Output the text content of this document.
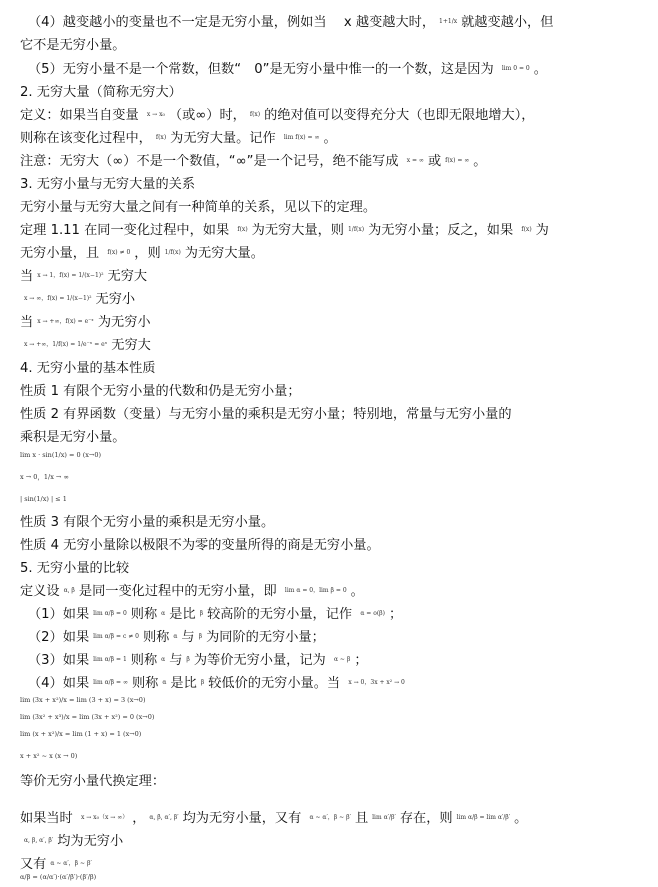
（4）越变越小的变量也不一定是无穷小量，例如当 　x 越变越大时， 1+1/x 就越变越小，但
它不是无穷小量。
（5）无穷小量不是一个常数，但数“　0”是无穷小量中惟一的一个数，这是因为 lim 0 = 0 。
2. 无穷大量（简称无穷大）
定义：如果当自变量 x → x₀ （或∞）时， f(x) 的绝对值可以变得充分大（也即无限地增大），
则称在该变化过程中， f(x) 为无穷大量。记作 lim f(x) = ∞ 。
注意：无穷大（∞）不是一个数值，“∞”是一个记号，绝不能写成 x = ∞ 或 f(x) = ∞ 。
3. 无穷小量与无穷大量的关系
无穷小量与无穷大量之间有一种简单的关系，见以下的定理。
定理 1.11 在同一变化过程中，如果 f(x) 为无穷大量，则 1/f(x) 为无穷小量；反之，如果 f(x) 为
无穷小量，且 f(x) ≠ 0 ，则 1/f(x) 为无穷大量。
当 x → 1，f(x) = 1/(x−1)² 无穷大
x → ∞，f(x) = 1/(x−1)² 无穷小
当 x → +∞，f(x) = e⁻ˣ 为无穷小
x → +∞，1/f(x) = 1/e⁻ˣ = eˣ 无穷大
4. 无穷小量的基本性质
性质 1 有限个无穷小量的代数和仍是无穷小量；
性质 2 有界函数（变量）与无穷小量的乘积是无穷小量；特别地，常量与无穷小量的
乘积是无穷小量。
性质 3 有限个无穷小量的乘积是无穷小量。
性质 4 无穷小量除以极限不为零的变量所得的商是无穷小量。
5. 无穷小量的比较
定义设 α, β 是同一变化过程中的无穷小量，即 lim α = 0，lim β = 0 。
（1）如果 lim α/β = 0 则称 α 是比 β 较高阶的无穷小量，记作 α = o(β) ；
（2）如果 lim α/β = c ≠ 0 则称 α 与 β 为同阶的无穷小量；
（3）如果 lim α/β = 1 则称 α 与 β 为等价无穷小量，记为 α ~ β ；
（4）如果 lim α/β = ∞ 则称 α 是比 β 较低价的无穷小量。当 x → 0，3x + x² → 0
等价无穷小量代换定理：
如果当时 x → x₀（x → ∞） ， α, β, α′, β′ 均为无穷小量，又有 α ~ α′，β ~ β′ 且 lim α′/β′ 存在，则 lim α/β = lim α′/β′ 。
α, β, α′, β′ 均为无穷小
又有 α ~ α′，β ~ β′
lim x · sin(1/x) = 0 (x→0)
x → 0，1/x → ∞
| sin(1/x) | ≤ 1
lim (3x + x²)/x = lim (3 + x) = 3 (x→0)
lim (3x² + x³)/x = lim (3x + x²) = 0 (x→0)
lim (x + x²)/x = lim (1 + x) = 1 (x→0)
x + x² ~ x (x → 0)
α/β = (α/α′)·(α′/β′)·(β′/β)
